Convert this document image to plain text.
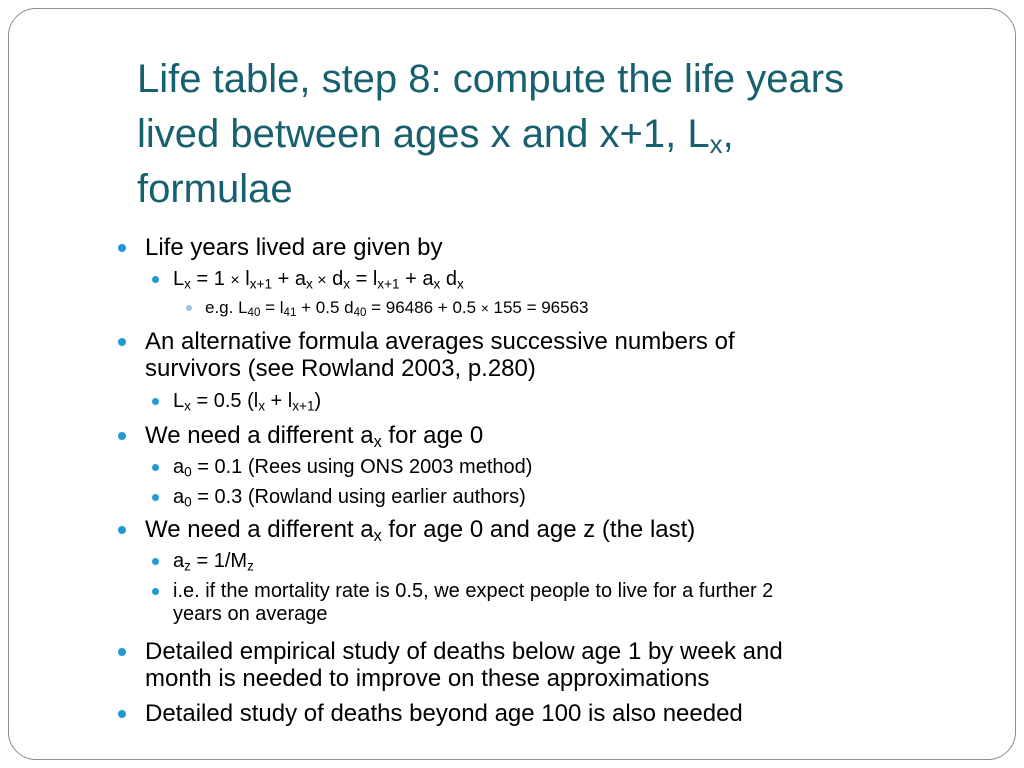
Life table, step 8: compute the life years
lived between ages x and x+1, $L_x$,
formulae
Life years lived are given by
$L_x = 1 \times l_{x+1} + a_x \times d_x = l_{x+1} + a_x$ $d_x$
e.g. $L_{40} = l_{41} + 0.5$ $d_{40} = 96486 + 0.5 \times 155 = 96563$
An alternative formula averages successive numbers of
survivors (see Rowland 2003, p.280)
$L_x = 0.5$ $(l_x + l_{x+1})$
We need a different $a_x$ for age 0
$a_0 = 0.1$ (Rees using ONS 2003 method)
$a_0 = 0.3$ (Rowland using earlier authors)
We need a different $a_x$ for age 0 and age z (the last)
$a_z = 1/M_z$
i.e. if the mortality rate is 0.5, we expect people to live for a further 2
years on average
Detailed empirical study of deaths below age 1 by week and
month is needed to improve on these approximations
Detailed study of deaths beyond age 100 is also needed
